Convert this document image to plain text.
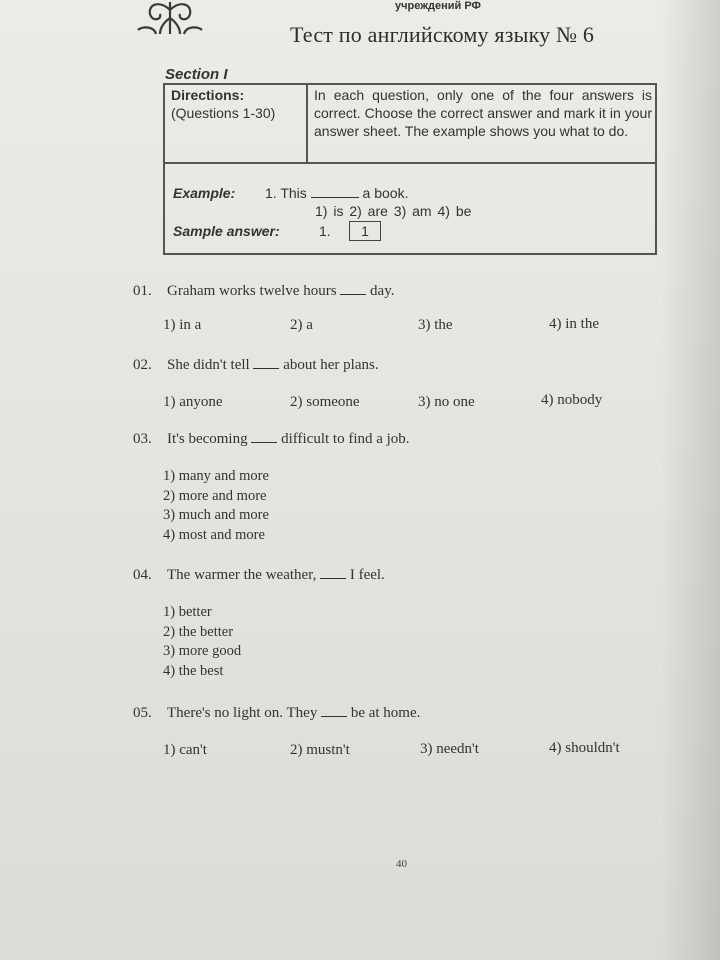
учреждений РФ
Тест по английскому языку № 6
Section I
Directions:
(Questions 1-30)
In each question, only one of the four answers is correct. Choose the correct answer and mark it in your answer sheet. The example shows you what to do.
Example: 1. This	a book.
1) is 2) are 3) am 4) be
Sample answer:	1.	1
01. Graham works twelve hours day.
1) in a	2) a	3) the	4) in the
02. She didn't tell about her plans.
1) anyone	2) someone	3) no one	4) nobody
03. It's becoming difficult to find a job.
1) many and more
2) more and more
3) much and more
4) most and more
04. The warmer the weather, I feel.
1) better
2) the better
3) more good
4) the best
05. There's no light on. They be at home.
1) can't	2) mustn't	3) needn't	4) shouldn't
40
